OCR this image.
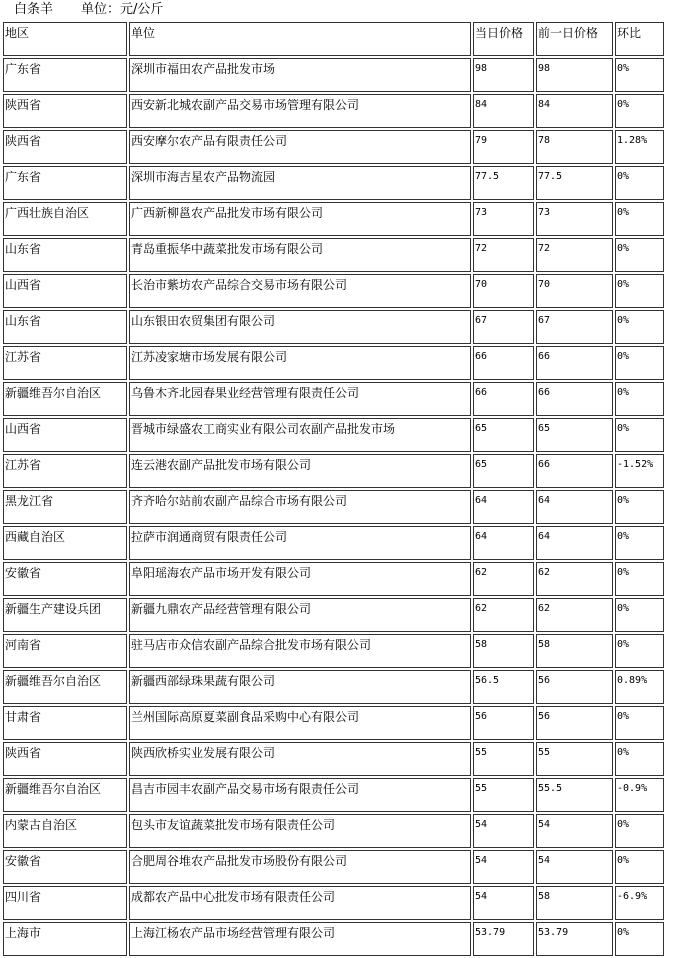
白条羊 单位：元/公斤
地区	单位	当日价格	前一日价格	环比
广东省	深圳市福田农产品批发市场	98	98	0%
陕西省	西安新北城农副产品交易市场管理有限公司	84	84	0%
陕西省	西安摩尔农产品有限责任公司	79	78	1.28%
广东省	深圳市海吉星农产品物流园	77.5	77.5	0%
广西壮族自治区	广西新柳邕农产品批发市场有限公司	73	73	0%
山东省	青岛重振华中蔬菜批发市场有限公司	72	72	0%
山西省	长治市紫坊农产品综合交易市场有限公司	70	70	0%
山东省	山东银田农贸集团有限公司	67	67	0%
江苏省	江苏凌家塘市场发展有限公司	66	66	0%
新疆维吾尔自治区	乌鲁木齐北园春果业经营管理有限责任公司	66	66	0%
山西省	晋城市绿盛农工商实业有限公司农副产品批发市场	65	65	0%
江苏省	连云港农副产品批发市场有限公司	65	66	-1.52%
黑龙江省	齐齐哈尔站前农副产品综合市场有限公司	64	64	0%
西藏自治区	拉萨市润通商贸有限责任公司	64	64	0%
安徽省	阜阳瑶海农产品市场开发有限公司	62	62	0%
新疆生产建设兵团	新疆九鼎农产品经营管理有限公司	62	62	0%
河南省	驻马店市众信农副产品综合批发市场有限公司	58	58	0%
新疆维吾尔自治区	新疆西部绿珠果蔬有限公司	56.5	56	0.89%
甘肃省	兰州国际高原夏菜副食品采购中心有限公司	56	56	0%
陕西省	陕西欣桥实业发展有限公司	55	55	0%
新疆维吾尔自治区	昌吉市园丰农副产品交易市场有限责任公司	55	55.5	-0.9%
内蒙古自治区	包头市友谊蔬菜批发市场有限责任公司	54	54	0%
安徽省	合肥周谷堆农产品批发市场股份有限公司	54	54	0%
四川省	成都农产品中心批发市场有限责任公司	54	58	-6.9%
上海市	上海江杨农产品市场经营管理有限公司	53.79	53.79	0%
